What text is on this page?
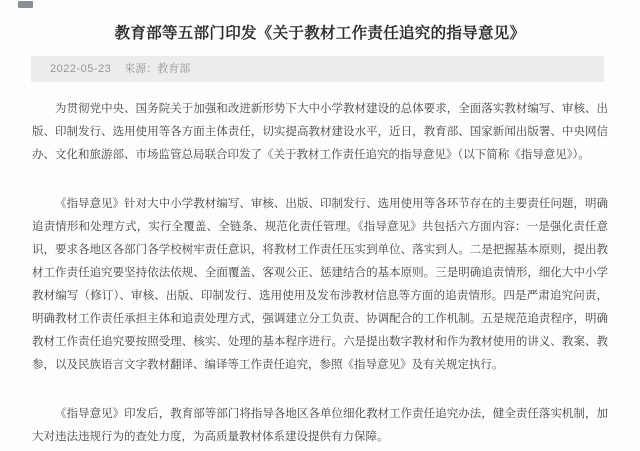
教育部等五部门印发《关于教材工作责任追究的指导意见》
2022-05-23 来源：教育部

为贯彻党中央、国务院关于加强和改进新形势下大中小学教材建设的总体要求，全面落实教材编写、审核、出版、印制发行、选用使用等各方面主体责任，切实提高教材建设水平，近日，教育部、国家新闻出版署、中央网信办、文化和旅游部、市场监管总局联合印发了《关于教材工作责任追究的指导意见》（以下简称《指导意见》）。

《指导意见》针对大中小学教材编写、审核、出版、印制发行、选用使用等各环节存在的主要责任问题，明确追责情形和处理方式，实行全覆盖、全链条、规范化责任管理。《指导意见》共包括六方面内容：一是强化责任意识，要求各地区各部门各学校树牢责任意识，将教材工作责任压实到单位、落实到人。二是把握基本原则，提出教材工作责任追究要坚持依法依规、全面覆盖、客观公正、惩建结合的基本原则。三是明确追责情形，细化大中小学教材编写（修订）、审核、出版、印制发行、选用使用及发布涉教材信息等方面的追责情形。四是严肃追究问责，明确教材工作责任承担主体和追责处理方式，强调建立分工负责、协调配合的工作机制。五是规范追责程序，明确教材工作责任追究要按照受理、核实、处理的基本程序进行。六是提出数字教材和作为教材使用的讲义、教案、教参，以及民族语言文字教材翻译、编译等工作责任追究，参照《指导意见》及有关规定执行。

《指导意见》印发后，教育部等部门将指导各地区各单位细化教材工作责任追究办法，健全责任落实机制，加大对违法违规行为的查处力度，为高质量教材体系建设提供有力保障。
